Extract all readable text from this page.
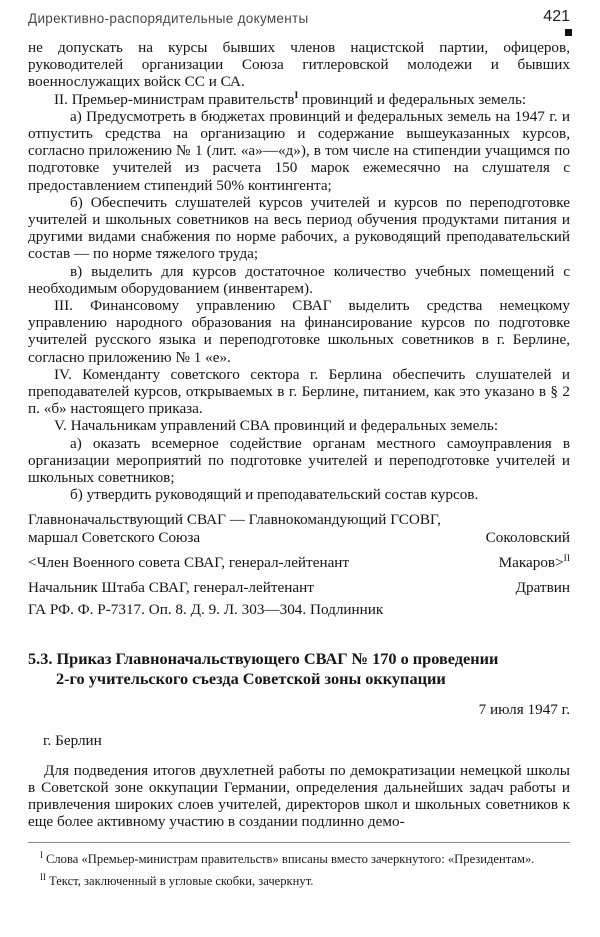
Директивно-распорядительные документы	421

не допускать на курсы бывших членов нацистской партии, офицеров, руководителей организации Союза гитлеровской молодежи и бывших военнослужащих войск СС и СА.

II. Премьер-министрам правительств$^I$ провинций и федеральных земель:

а) Предусмотреть в бюджетах провинций и федеральных земель на 1947 г. и отпустить средства на организацию и содержание вышеуказанных курсов, согласно приложению № 1 (лит. «а»—«д»), в том числе на стипендии учащимся по подготовке учителей из расчета 150 марок ежемесячно на слушателя с предоставлением стипендий 50% контингента;

б) Обеспечить слушателей курсов учителей и курсов по переподготовке учителей и школьных советников на весь период обучения продуктами питания и другими видами снабжения по норме рабочих, а руководящий преподавательский состав — по норме тяжелого труда;

в) выделить для курсов достаточное количество учебных помещений с необходимым оборудованием (инвентарем).

III. Финансовому управлению СВАГ выделить средства немецкому управлению народного образования на финансирование курсов по подготовке учителей русского языка и переподготовке школьных советников в г. Берлине, согласно приложению № 1 «е».

IV. Коменданту советского сектора г. Берлина обеспечить слушателей и преподавателей курсов, открываемых в г. Берлине, питанием, как это указано в § 2 п. «б» настоящего приказа.

V. Начальникам управлений СВА провинций и федеральных земель:

а) оказать всемерное содействие органам местного самоуправления в организации мероприятий по подготовке учителей и переподготовке учителей и школьных советников;

б) утвердить руководящий и преподавательский состав курсов.

Главноначальствующий СВАГ — Главнокомандующий ГСОВГ,
маршал Советского Союза	Соколовский
<Член Военного совета СВАГ, генерал-лейтенант	Макаров>$^{II}$
Начальник Штаба СВАГ, генерал-лейтенант	Дратвин

ГА РФ. Ф. Р-7317. Оп. 8. Д. 9. Л. 303—304. Подлинник

5.3. Приказ Главноначальствующего СВАГ № 170 о проведении
2-го учительского съезда Советской зоны оккупации

7 июля 1947 г.

г. Берлин

Для подведения итогов двухлетней работы по демократизации немецкой школы в Советской зоне оккупации Германии, определения дальнейших задач работы и привлечения широких слоев учителей, директоров школ и школьных советников к еще более активному участию в создании подлинно демо-

$^I$ Слова «Премьер-министрам правительств» вписаны вместо зачеркнутого: «Президентам».

$^{II}$ Текст, заключенный в угловые скобки, зачеркнут.
